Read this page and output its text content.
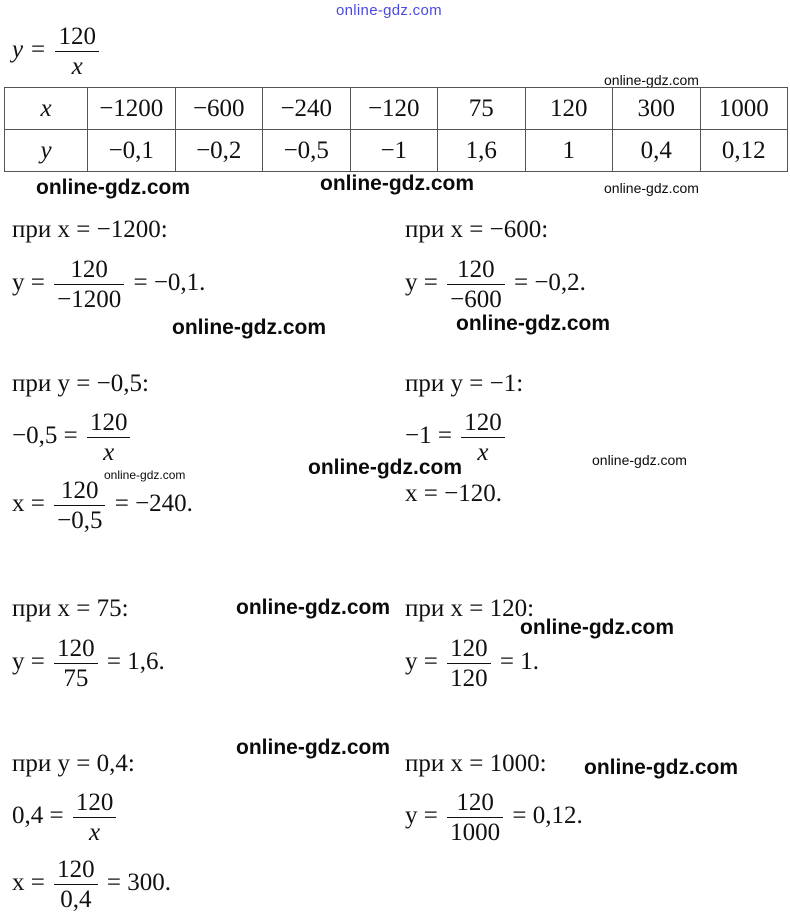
online-gdz.com
online-gdz.com
online-gdz.com	online-gdz.com	online-gdz.com
online-gdz.com	online-gdz.com
online-gdz.com	online-gdz.com	online-gdz.com
online-gdz.com
online-gdz.com
online-gdz.com
online-gdz.com
$y = \frac{120}{x}$
x	−1200	−600	−240	−120	75	120	300	1000
y	−0,1	−0,2	−0,5	−1	1,6	1	0,4	0,12
при x = −1200:
$y = \frac{120}{-1200} = -0,1$.
при x = −600:
$y = \frac{120}{-600} = -0,2$.
при y = −0,5:
$-0,5 = \frac{120}{x}$
$x = \frac{120}{-0,5} = -240$.
при y = −1:
$-1 = \frac{120}{x}$
x = −120.
при x = 75:
$y = \frac{120}{75} = 1,6$.
при x = 120:
$y = \frac{120}{120} = 1$.
при y = 0,4:
$0,4 = \frac{120}{x}$
$x = \frac{120}{0,4} = 300$.
при x = 1000:
$y = \frac{120}{1000} = 0,12$.
